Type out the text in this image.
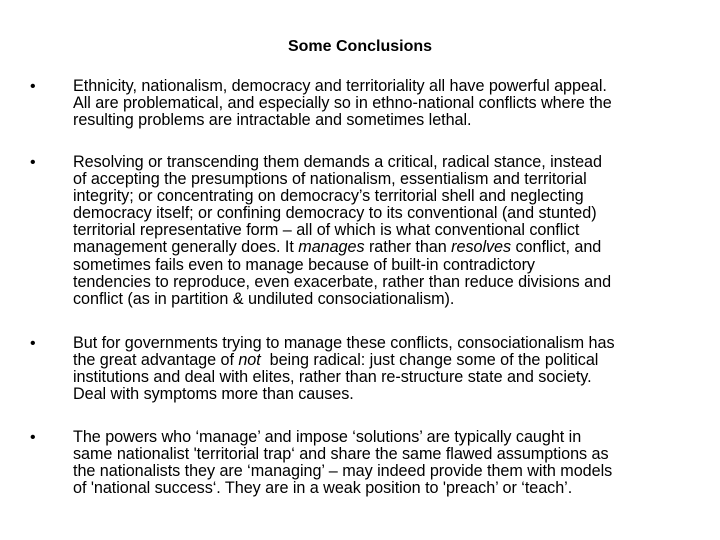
Some Conclusions
• Ethnicity, nationalism, democracy and territoriality all have powerful appeal.
All are problematical, and especially so in ethno-national conflicts where the
resulting problems are intractable and sometimes lethal.
• Resolving or transcending them demands a critical, radical stance, instead
of accepting the presumptions of nationalism, essentialism and territorial
integrity; or concentrating on democracy’s territorial shell and neglecting
democracy itself; or confining democracy to its conventional (and stunted)
territorial representative form – all of which is what conventional conflict
management generally does. It manages rather than resolves conflict, and
sometimes fails even to manage because of built-in contradictory
tendencies to reproduce, even exacerbate, rather than reduce divisions and
conflict (as in partition & undiluted consociationalism).
• But for governments trying to manage these conflicts, consociationalism has
the great advantage of not  being radical: just change some of the political
institutions and deal with elites, rather than re-structure state and society.
Deal with symptoms more than causes.
• The powers who ‘manage’ and impose ‘solutions’ are typically caught in
same nationalist 'territorial trap‘ and share the same flawed assumptions as
the nationalists they are ‘managing’ – may indeed provide them with models
of 'national success‘. They are in a weak position to 'preach’ or ‘teach’.
